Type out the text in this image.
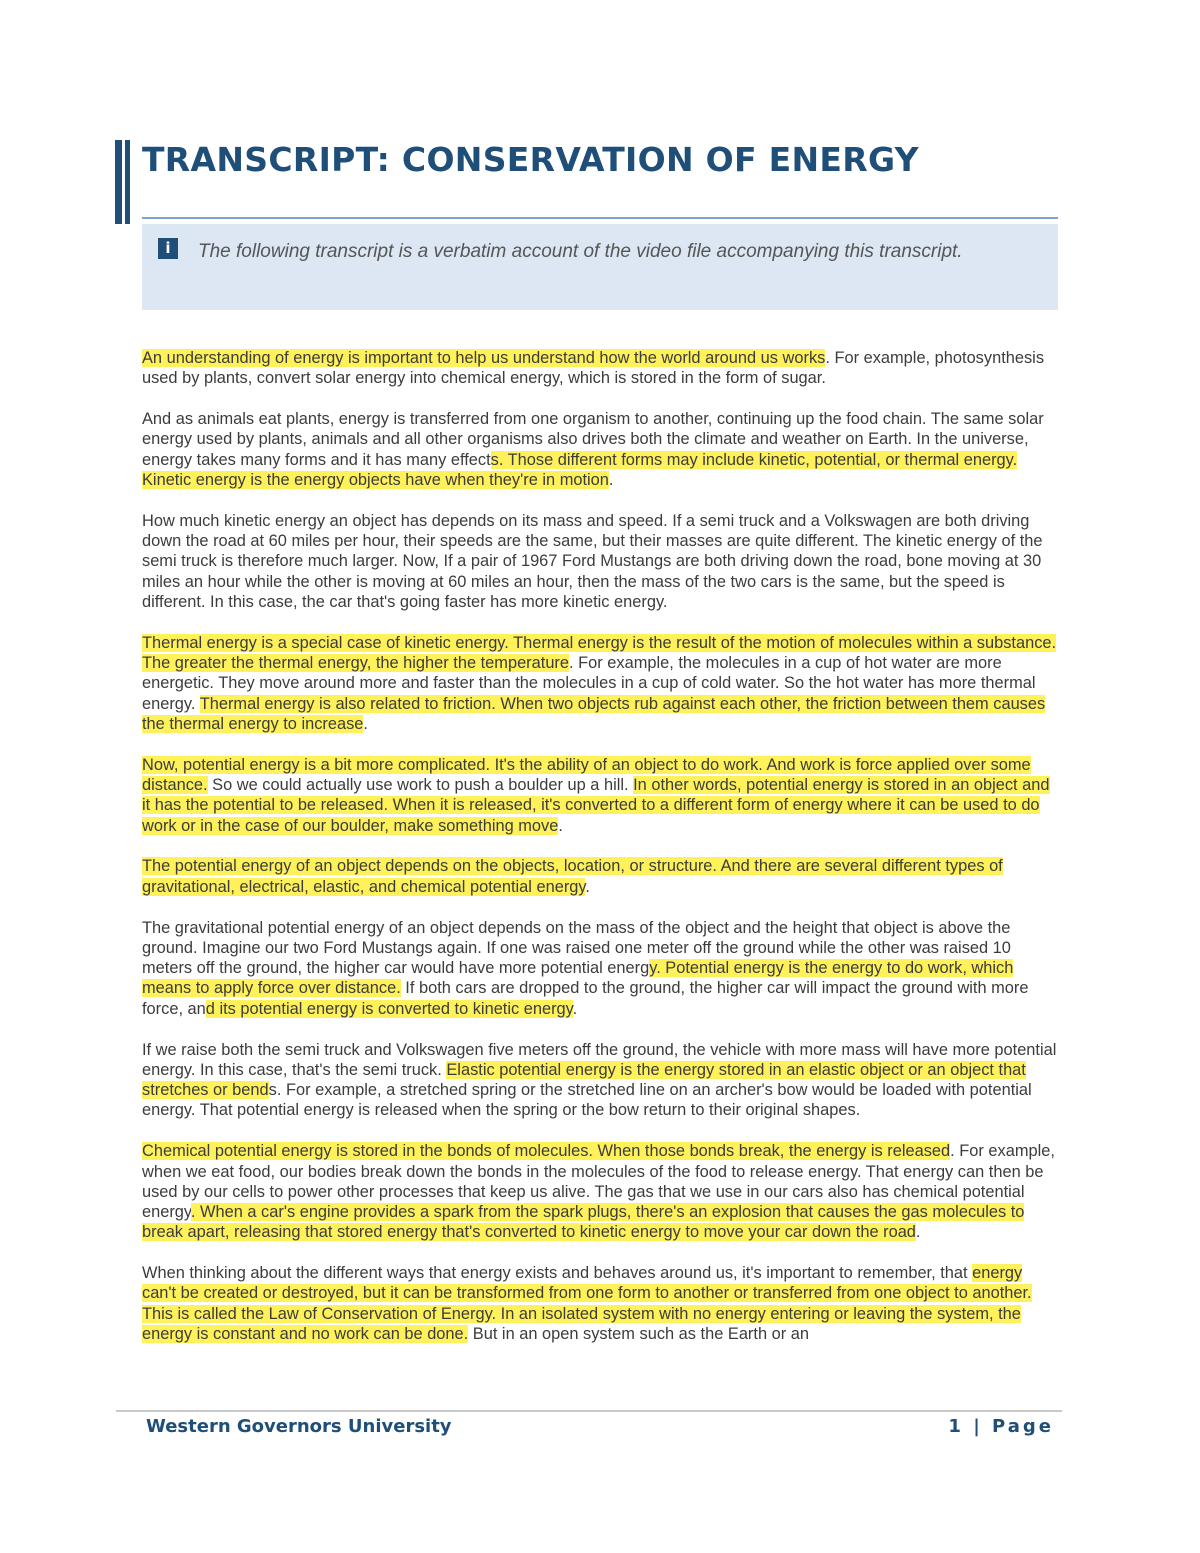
TRANSCRIPT: CONSERVATION OF ENERGY
i	The following transcript is a verbatim account of the video file accompanying this transcript.

An understanding of energy is important to help us understand how the world around us works. For example, photosynthesis used by plants, convert solar energy into chemical energy, which is stored in the form of sugar.

And as animals eat plants, energy is transferred from one organism to another, continuing up the food chain. The same solar energy used by plants, animals and all other organisms also drives both the climate and weather on Earth. In the universe, energy takes many forms and it has many effects. Those different forms may include kinetic, potential, or thermal energy. Kinetic energy is the energy objects have when they're in motion.

How much kinetic energy an object has depends on its mass and speed. If a semi truck and a Volkswagen are both driving down the road at 60 miles per hour, their speeds are the same, but their masses are quite different. The kinetic energy of the semi truck is therefore much larger. Now, If a pair of 1967 Ford Mustangs are both driving down the road, bone moving at 30 miles an hour while the other is moving at 60 miles an hour, then the mass of the two cars is the same, but the speed is different. In this case, the car that's going faster has more kinetic energy.

Thermal energy is a special case of kinetic energy. Thermal energy is the result of the motion of molecules within a substance. The greater the thermal energy, the higher the temperature. For example, the molecules in a cup of hot water are more energetic. They move around more and faster than the molecules in a cup of cold water. So the hot water has more thermal energy. Thermal energy is also related to friction. When two objects rub against each other, the friction between them causes the thermal energy to increase.

Now, potential energy is a bit more complicated. It's the ability of an object to do work. And work is force applied over some distance. So we could actually use work to push a boulder up a hill. In other words, potential energy is stored in an object and it has the potential to be released. When it is released, it's converted to a different form of energy where it can be used to do work or in the case of our boulder, make something move.

The potential energy of an object depends on the objects, location, or structure. And there are several different types of gravitational, electrical, elastic, and chemical potential energy.

The gravitational potential energy of an object depends on the mass of the object and the height that object is above the ground. Imagine our two Ford Mustangs again. If one was raised one meter off the ground while the other was raised 10 meters off the ground, the higher car would have more potential energy. Potential energy is the energy to do work, which means to apply force over distance. If both cars are dropped to the ground, the higher car will impact the ground with more force, and its potential energy is converted to kinetic energy.

If we raise both the semi truck and Volkswagen five meters off the ground, the vehicle with more mass will have more potential energy. In this case, that's the semi truck. Elastic potential energy is the energy stored in an elastic object or an object that stretches or bends. For example, a stretched spring or the stretched line on an archer's bow would be loaded with potential energy. That potential energy is released when the spring or the bow return to their original shapes.

Chemical potential energy is stored in the bonds of molecules. When those bonds break, the energy is released. For example, when we eat food, our bodies break down the bonds in the molecules of the food to release energy. That energy can then be used by our cells to power other processes that keep us alive. The gas that we use in our cars also has chemical potential energy. When a car's engine provides a spark from the spark plugs, there's an explosion that causes the gas molecules to break apart, releasing that stored energy that's converted to kinetic energy to move your car down the road.

When thinking about the different ways that energy exists and behaves around us, it's important to remember, that energy can't be created or destroyed, but it can be transformed from one form to another or transferred from one object to another. This is called the Law of Conservation of Energy. In an isolated system with no energy entering or leaving the system, the energy is constant and no work can be done. But in an open system such as the Earth or an

Western Governors University	1 | Page
